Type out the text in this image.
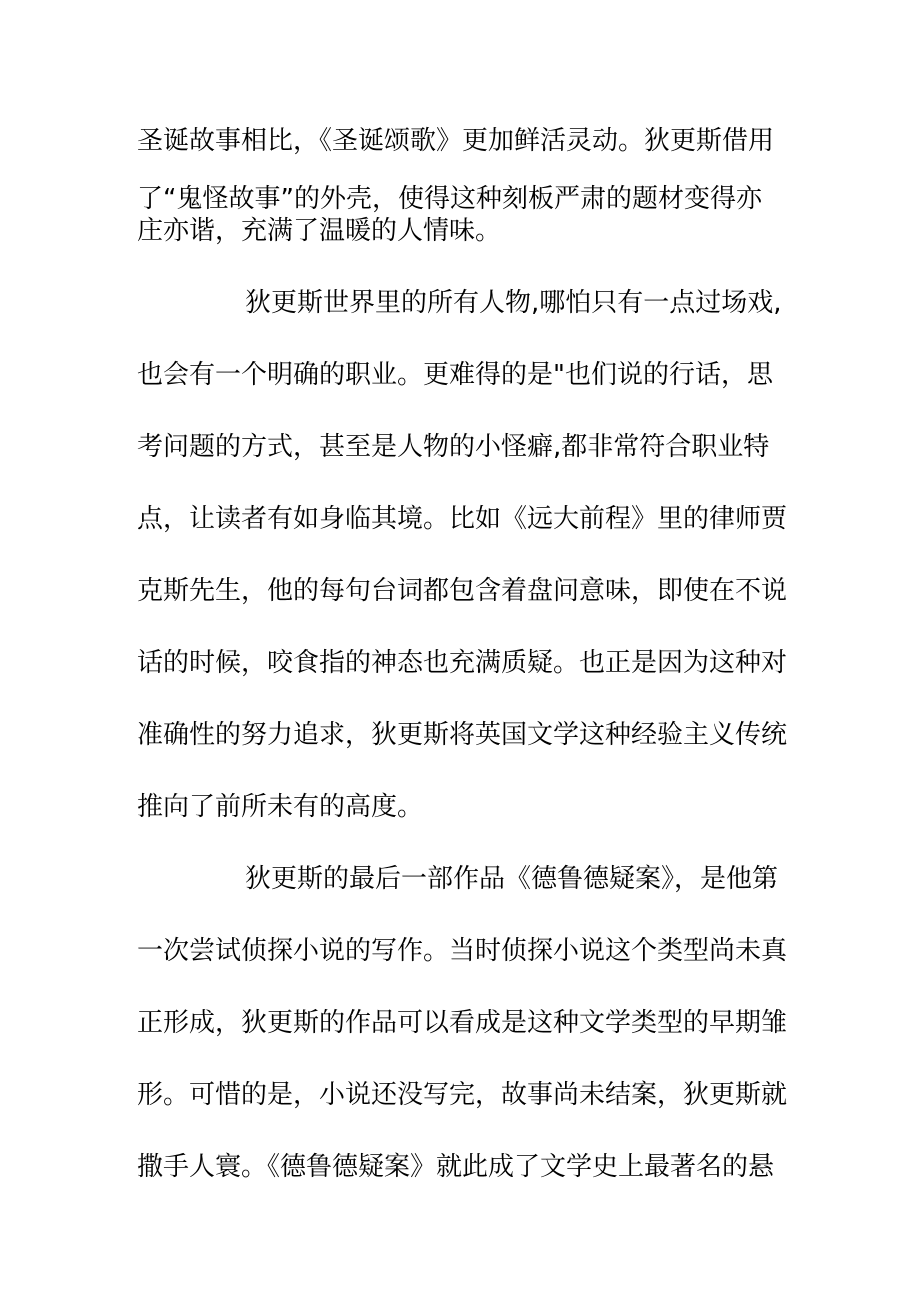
圣诞故事相比，《圣诞颂歌》更加鲜活灵动。狄更斯借用
了“鬼怪故事”的外壳，使得这种刻板严肃的题材变得亦
庄亦谐，充满了温暖的人情味。
狄更斯世界里的所有人物,哪怕只有一点过场戏,
也会有一个明确的职业。更难得的是"也们说的行话，思
考问题的方式，甚至是人物的小怪癖,都非常符合职业特
点，让读者有如身临其境。比如《远大前程》里的律师贾
克斯先生，他的每句台词都包含着盘问意味，即使在不说
话的时候，咬食指的神态也充满质疑。也正是因为这种对
准确性的努力追求，狄更斯将英国文学这种经验主义传统
推向了前所未有的高度。
狄更斯的最后一部作品《德鲁德疑案》，是他第
一次尝试侦探小说的写作。当时侦探小说这个类型尚未真
正形成，狄更斯的作品可以看成是这种文学类型的早期雏
形。可惜的是，小说还没写完，故事尚未结案，狄更斯就
撒手人寰。《德鲁德疑案》就此成了文学史上最著名的悬
